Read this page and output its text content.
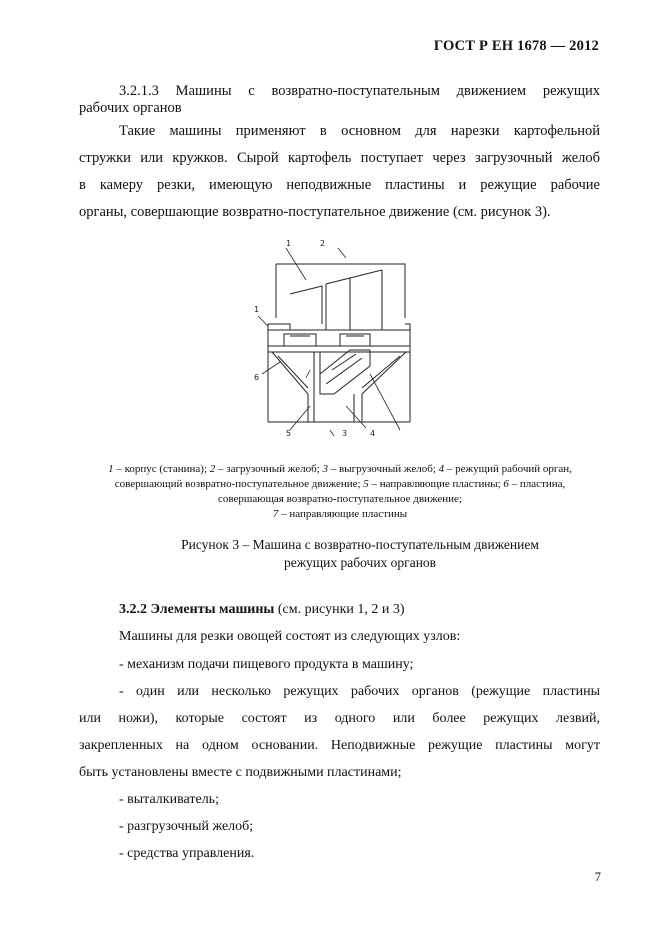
ГОСТ Р ЕН 1678 — 2012
3.2.1.3 Машины с возвратно-поступательным движением режущих
рабочих органов
Такие машины применяют в основном для нарезки картофельной
стружки или кружков. Сырой картофель поступает через загрузочный желоб
в камеру резки, имеющую неподвижные пластины и режущие рабочие
органы, совершающие возвратно-поступательное движение (см. рисунок 3).
1	2
1
6
5	3	4
1 – корпус (станина); 2 – загрузочный желоб; 3 – выгрузочный желоб; 4 – режущий рабочий орган, совершающий возвратно-поступательное движение; 5 – направляющие пластины; 6 – пластина, совершающая возвратно-поступательное движение;
7 – направляющие пластины
Рисунок 3 – Машина с возвратно-поступательным движением
режущих рабочих органов
3.2.2 Элементы машины (см. рисунки 1, 2 и 3)
Машины для резки овощей состоят из следующих узлов:
- механизм подачи пищевого продукта в машину;
- один или несколько режущих рабочих органов (режущие пластины
или ножи), которые состоят из одного или более режущих лезвий,
закрепленных на одном основании. Неподвижные режущие пластины могут
быть установлены вместе с подвижными пластинами;
- выталкиватель;
- разгрузочный желоб;
- средства управления.
7
